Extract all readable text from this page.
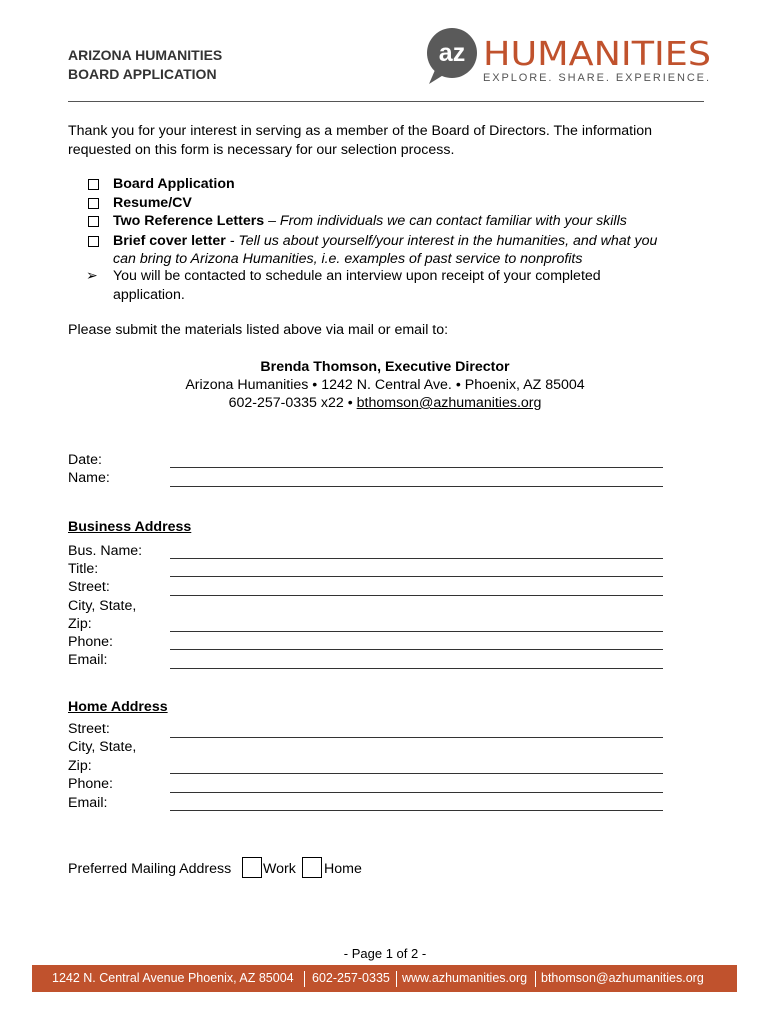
ARIZONA HUMANITIES
BOARD APPLICATION
az HUMANITIES
EXPLORE. SHARE. EXPERIENCE.
Thank you for your interest in serving as a member of the Board of Directors. The information requested on this form is necessary for our selection process.
Board Application
Resume/CV
Two Reference Letters – From individuals we can contact familiar with your skills
Brief cover letter - Tell us about yourself/your interest in the humanities, and what you
can bring to Arizona Humanities, i.e. examples of past service to nonprofits
➢ You will be contacted to schedule an interview upon receipt of your completed
application.
Please submit the materials listed above via mail or email to:
Brenda Thomson, Executive Director
Arizona Humanities • 1242 N. Central Ave. • Phoenix, AZ 85004
602-257-0335 x22 • bthomson@azhumanities.org
Date:
Name:
Business Address
Bus. Name:
Title:
Street:
City, State,
Zip:
Phone:
Email:
Home Address
Street:
City, State,
Zip:
Phone:
Email:
Preferred Mailing Address Work Home
- Page 1 of 2 -
1242 N. Central Avenue Phoenix, AZ 85004 602-257-0335 www.azhumanities.org bthomson@azhumanities.org
